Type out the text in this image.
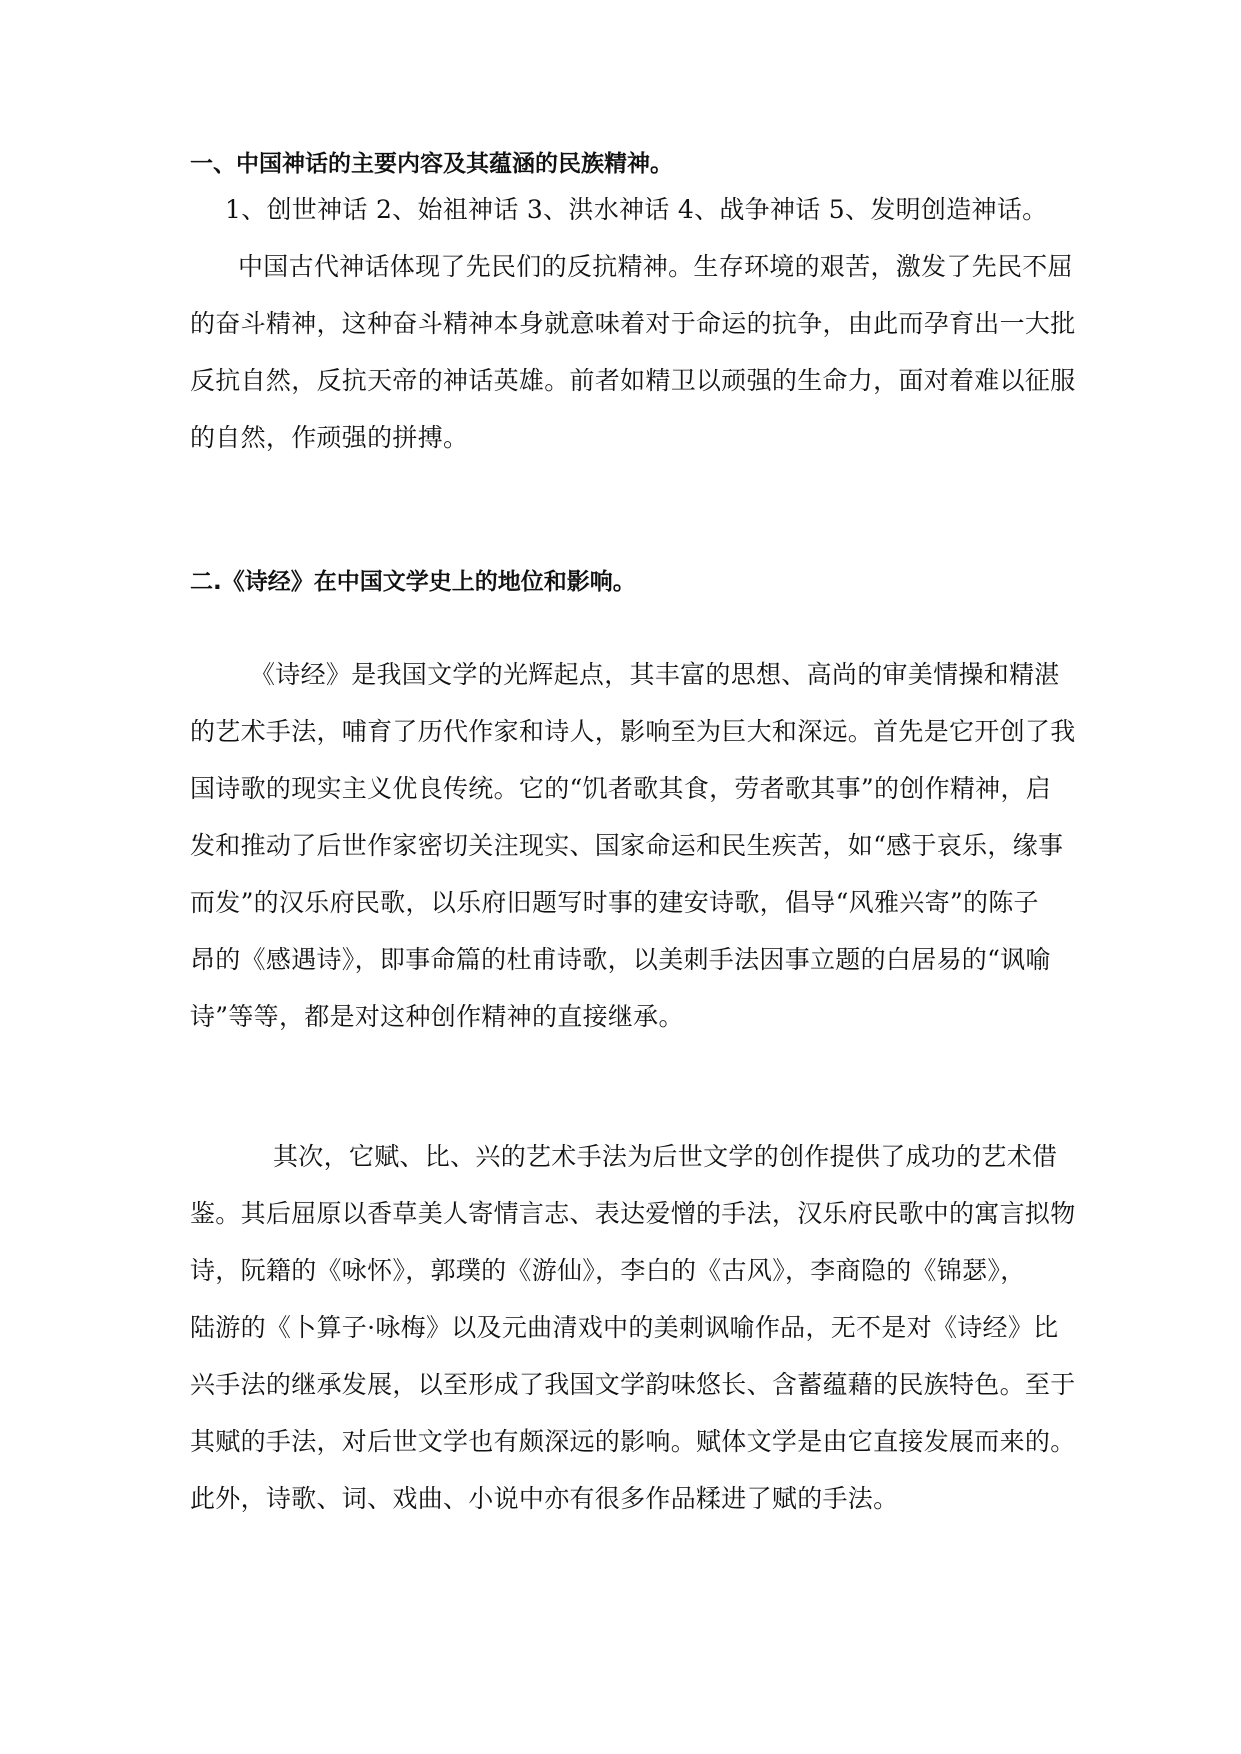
一、中国神话的主要内容及其蕴涵的民族精神。
1、创世神话 2、始祖神话 3、洪水神话 4、战争神话 5、发明创造神话。
中国古代神话体现了先民们的反抗精神。生存环境的艰苦，激发了先民不屈
的奋斗精神，这种奋斗精神本身就意味着对于命运的抗争，由此而孕育出一大批
反抗自然，反抗天帝的神话英雄。前者如精卫以顽强的生命力，面对着难以征服
的自然，作顽强的拼搏。
二.《诗经》在中国文学史上的地位和影响。
《诗经》是我国文学的光辉起点，其丰富的思想、高尚的审美情操和精湛
的艺术手法，哺育了历代作家和诗人，影响至为巨大和深远。首先是它开创了我
国诗歌的现实主义优良传统。它的“饥者歌其食，劳者歌其事”的创作精神，启
发和推动了后世作家密切关注现实、国家命运和民生疾苦，如“感于哀乐，缘事
而发”的汉乐府民歌，以乐府旧题写时事的建安诗歌，倡导“风雅兴寄”的陈子
昂的《感遇诗》，即事命篇的杜甫诗歌，以美刺手法因事立题的白居易的“讽喻
诗”等等，都是对这种创作精神的直接继承。
其次，它赋、比、兴的艺术手法为后世文学的创作提供了成功的艺术借
鉴。其后屈原以香草美人寄情言志、表达爱憎的手法，汉乐府民歌中的寓言拟物
诗，阮籍的《咏怀》，郭璞的《游仙》，李白的《古风》，李商隐的《锦瑟》，
陆游的《卜算子·咏梅》以及元曲清戏中的美刺讽喻作品，无不是对《诗经》比
兴手法的继承发展，以至形成了我国文学韵味悠长、含蓄蕴藉的民族特色。至于
其赋的手法，对后世文学也有颇深远的影响。赋体文学是由它直接发展而来的。
此外，诗歌、词、戏曲、小说中亦有很多作品糅进了赋的手法。
